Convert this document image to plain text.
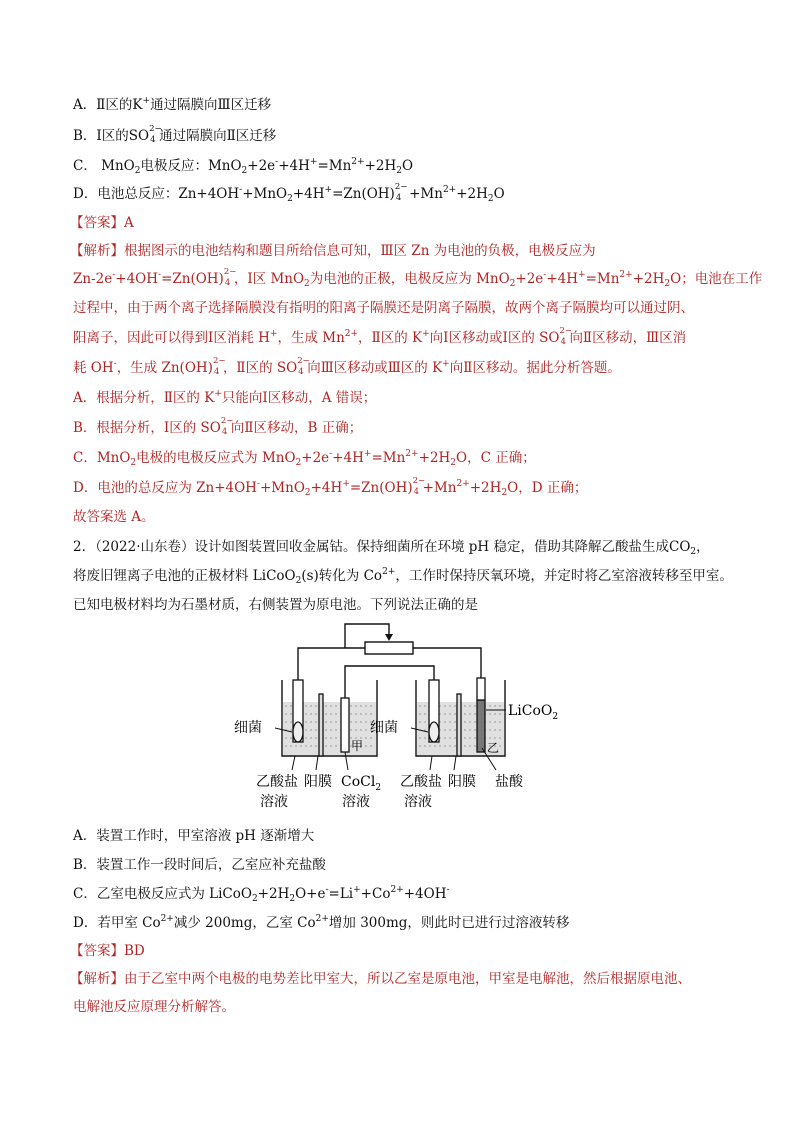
A．Ⅱ区的K+通过隔膜向Ⅲ区迁移
B．Ⅰ区的SO 2−
4 通过隔膜向Ⅱ区迁移
C． MnO$_2$电极反应：$MnO_2+2e^-+4H^+=Mn^{2+}+2H_2O$
D．电池总反应：Zn+4OH-+MnO$_2$+4H+=Zn(OH) 2−
$4 +Mn^{2+}+2H_2O$
【答案】A
【解析】根据图示的电池结构和题目所给信息可知，Ⅲ区 Zn 为电池的负极，电极反应为
Zn-2e-+4OH-=Zn(OH) 2−
4 ，Ⅰ区 MnO$_2$为电池的正极，电极反应为 $MnO_2+2e^-+4H^+=Mn^{2+}+2H_2O$；电池在工作
过程中，由于两个离子选择隔膜没有指明的阳离子隔膜还是阴离子隔膜，故两个离子隔膜均可以通过阴、
阳离子，因此可以得到Ⅰ区消耗 H+，生成 $Mn^{2+}$，Ⅱ区的 K+向Ⅰ区移动或Ⅰ区的 SO 2−
4 向Ⅱ区移动，Ⅲ区消
耗 OH-，生成 Zn(OH) 2−
4 ，Ⅱ区的 SO 2−
4 向Ⅲ区移动或Ⅲ区的 K+向Ⅱ区移动。据此分析答题。
A．根据分析，Ⅱ区的 K+只能向Ⅰ区移动，A 错误；
B．根据分析，Ⅰ区的 SO 2−
4 向Ⅱ区移动，B 正确；
C．MnO$_2$电极的电极反应式为 $MnO_2+2e^-+4H^+=Mn^{2+}+2H_2O$，C 正确；
D．电池的总反应为 Zn+4OH-+MnO$_2$+4H+=Zn(OH) 2−
$4 +Mn^{2+}+2H_2O$，D 正确；
故答案选 A。
2．（2022·山东卷）设计如图装置回收金属钴。保持细菌所在环境 pH 稳定，借助其降解乙酸盐生成$CO_2$，
将废旧锂离子电池的正极材料 LiCoO$_2$(s)转化为 $Co^{2+}$，工作时保持厌氧环境，并定时将乙室溶液转移至甲室。
已知电极材料均为石墨材质，右侧装置为原电池。下列说法正确的是
细菌
甲
乙酸盐
溶液
阳膜 CoCl$_2$
溶液
细菌
LiCoO$_2$
乙
乙酸盐
溶液
阳膜 盐酸
A．装置工作时，甲室溶液 pH 逐渐增大
B．装置工作一段时间后，乙室应补充盐酸
C．乙室电极反应式为 $LiCoO_2+2H_2O+e^-=Li^++Co^{2+}+4OH^-$
D．若甲室 $Co^{2+}$减少 200mg，乙室 $Co^{2+}$增加 300mg，则此时已进行过溶液转移
【答案】BD
【解析】由于乙室中两个电极的电势差比甲室大，所以乙室是原电池，甲室是电解池，然后根据原电池、
电解池反应原理分析解答。
